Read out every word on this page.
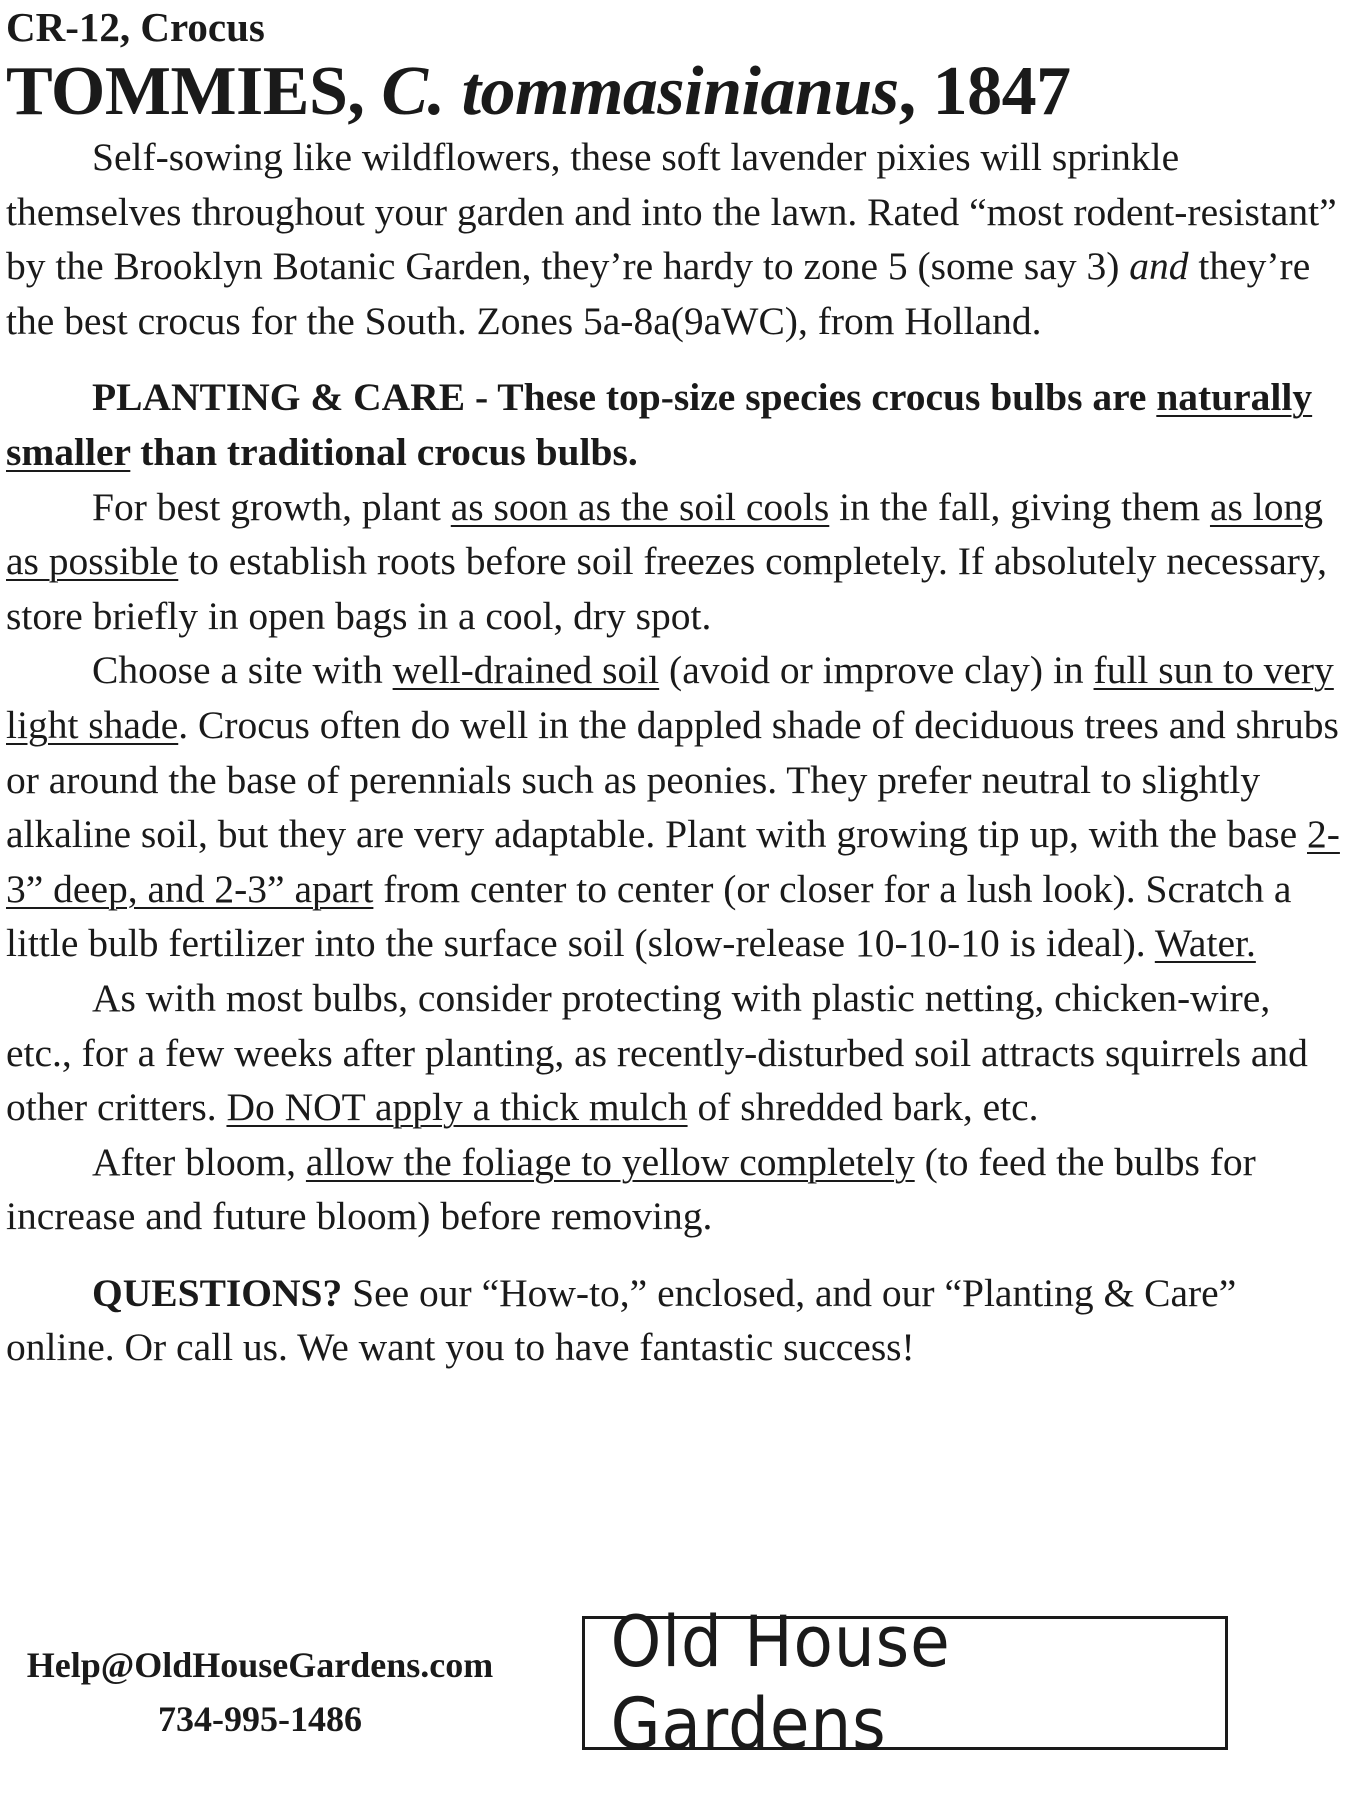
CR-12, Crocus
TOMMIES, C. tommasinianus, 1847

Self-sowing like wildflowers, these soft lavender pixies will sprinkle themselves throughout your garden and into the lawn. Rated “most rodent-resistant” by the Brooklyn Botanic Garden, they’re hardy to zone 5 (some say 3) and they’re the best crocus for the South. Zones 5a-8a(9aWC), from Holland.

PLANTING & CARE - These top-size species crocus bulbs are naturally smaller than traditional crocus bulbs.

For best growth, plant as soon as the soil cools in the fall, giving them as long as possible to establish roots before soil freezes completely. If absolutely necessary, store briefly in open bags in a cool, dry spot.

Choose a site with well-drained soil (avoid or improve clay) in full sun to very light shade. Crocus often do well in the dappled shade of deciduous trees and shrubs or around the base of perennials such as peonies. They prefer neutral to slightly alkaline soil, but they are very adaptable. Plant with growing tip up, with the base 2-3” deep, and 2-3” apart from center to center (or closer for a lush look). Scratch a little bulb fertilizer into the surface soil (slow-release 10-10-10 is ideal). Water.

As with most bulbs, consider protecting with plastic netting, chicken-wire, etc., for a few weeks after planting, as recently-disturbed soil attracts squirrels and other critters. Do NOT apply a thick mulch of shredded bark, etc.

After bloom, allow the foliage to yellow completely (to feed the bulbs for increase and future bloom) before removing.

QUESTIONS? See our “How-to,” enclosed, and our “Planting & Care” online. Or call us. We want you to have fantastic success!

Help@OldHouseGardens.com
734-995-1486
Old House Gardens
